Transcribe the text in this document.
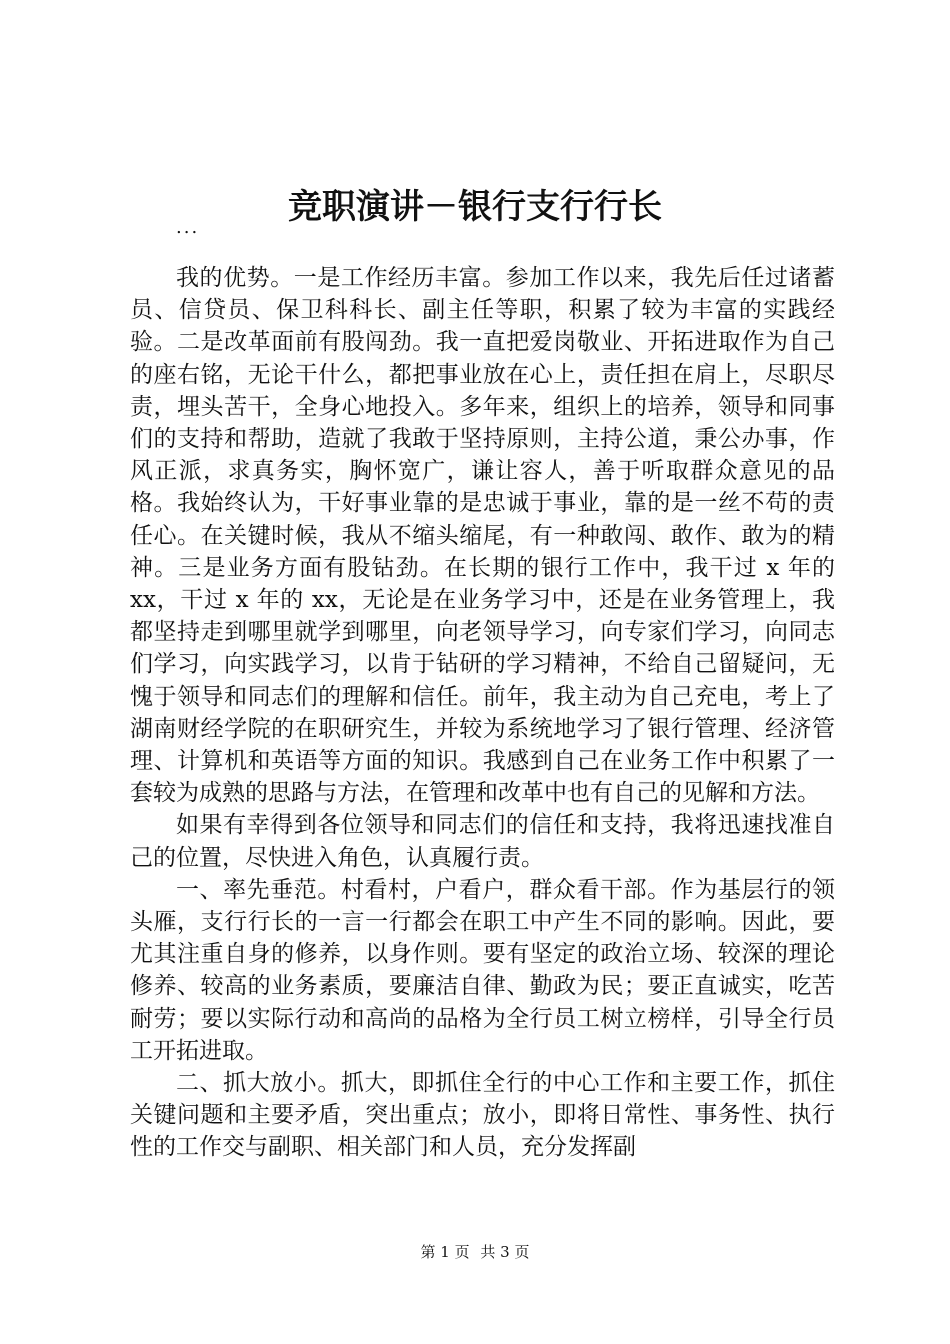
竞职演讲－银行支行行长
...

我的优势。一是工作经历丰富。参加工作以来，我先后任过诸蓄员、信贷员、保卫科科长、副主任等职，积累了较为丰富的实践经验。二是改革面前有股闯劲。我一直把爱岗敬业、开拓进取作为自己的座右铭，无论干什么，都把事业放在心上，责任担在肩上，尽职尽责，埋头苦干，全身心地投入。多年来，组织上的培养，领导和同事们的支持和帮助，造就了我敢于坚持原则，主持公道，秉公办事，作风正派，求真务实，胸怀宽广，谦让容人，善于听取群众意见的品格。我始终认为，干好事业靠的是忠诚于事业，靠的是一丝不苟的责任心。在关键时候，我从不缩头缩尾，有一种敢闯、敢作、敢为的精神。三是业务方面有股钻劲。在长期的银行工作中，我干过 x 年的 xx，干过 x 年的 xx，无论是在业务学习中，还是在业务管理上，我都坚持走到哪里就学到哪里，向老领导学习，向专家们学习，向同志们学习，向实践学习，以肯于钻研的学习精神，不给自己留疑问，无愧于领导和同志们的理解和信任。前年，我主动为自己充电，考上了湖南财经学院的在职研究生，并较为系统地学习了银行管理、经济管理、计算机和英语等方面的知识。我感到自己在业务工作中积累了一套较为成熟的思路与方法，在管理和改革中也有自己的见解和方法。

如果有幸得到各位领导和同志们的信任和支持，我将迅速找准自己的位置，尽快进入角色，认真履行责。

一、率先垂范。村看村，户看户，群众看干部。作为基层行的领头雁，支行行长的一言一行都会在职工中产生不同的影响。因此，要尤其注重自身的修养，以身作则。要有坚定的政治立场、较深的理论修养、较高的业务素质，要廉洁自律、勤政为民；要正直诚实，吃苦耐劳；要以实际行动和高尚的品格为全行员工树立榜样，引导全行员工开拓进取。

二、抓大放小。抓大，即抓住全行的中心工作和主要工作，抓住关键问题和主要矛盾，突出重点；放小，即将日常性、事务性、执行性的工作交与副职、相关部门和人员，充分发挥副

第 1 页 共 3 页
